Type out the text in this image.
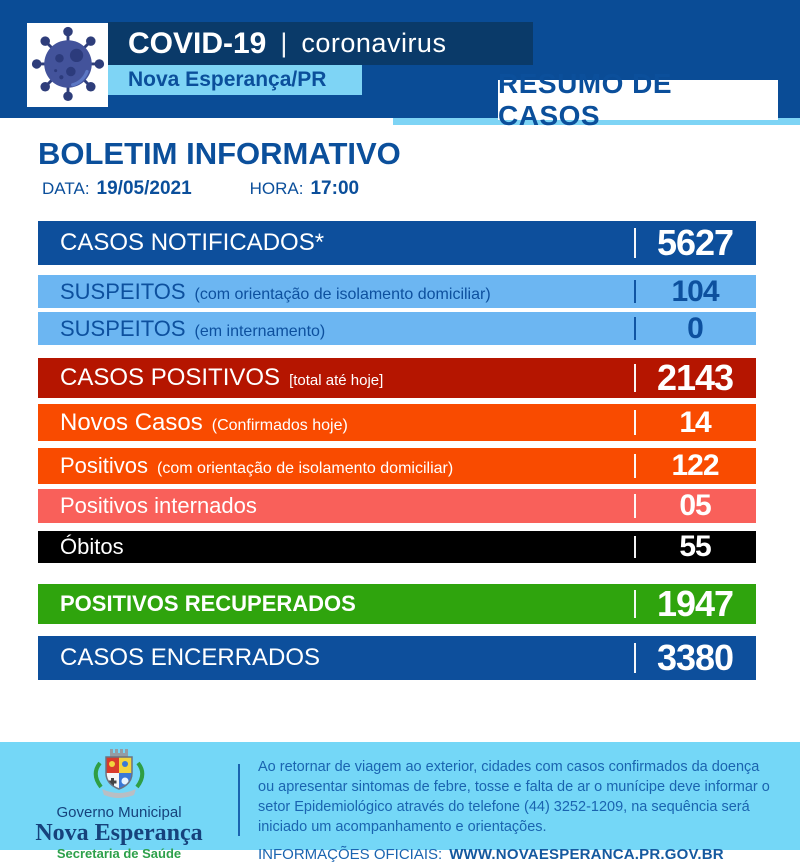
COVID-19 | coronavirus
Nova Esperança/PR	RESUMO DE CASOS
BOLETIM INFORMATIVO
DATA: 19/05/2021	HORA: 17:00
CASOS NOTIFICADOS*	5627
SUSPEITOS (com orientação de isolamento domiciliar)	104
SUSPEITOS (em internamento)	0
CASOS POSITIVOS [total até hoje]	2143
Novos Casos (Confirmados hoje)	14
Positivos (com orientação de isolamento domiciliar)	122
Positivos internados	05
Óbitos	55
POSITIVOS RECUPERADOS	1947
CASOS ENCERRADOS	3380
Governo Municipal
Nova Esperança
Secretaria de Saúde

Ao retornar de viagem ao exterior, cidades com casos confirmados da doença ou apresentar sintomas de febre, tosse e falta de ar o munícipe deve informar o setor Epidemiológico através do telefone (44) 3252-1209, na sequência será iniciado um acompanhamento e orientações.

INFORMAÇÕES OFICIAIS: WWW.NOVAESPERANCA.PR.GOV.BR
